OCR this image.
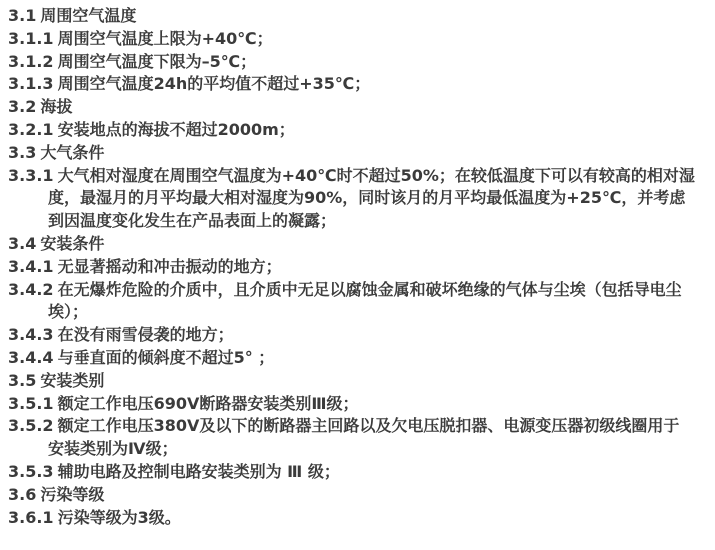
3.1 周围空气温度
3.1.1 周围空气温度上限为+40℃；
3.1.2 周围空气温度下限为–5℃；
3.1.3 周围空气温度24h的平均值不超过+35℃；
3.2 海拔
3.2.1 安装地点的海拔不超过2000m；
3.3 大气条件
3.3.1 大气相对湿度在周围空气温度为+40℃时不超过50%；在较低温度下可以有较高的相对湿度，最湿月的月平均最大相对湿度为90%，同时该月的月平均最低温度为+25℃，并考虑到因温度变化发生在产品表面上的凝露；
3.4 安装条件
3.4.1 无显著摇动和冲击振动的地方；
3.4.2 在无爆炸危险的介质中，且介质中无足以腐蚀金属和破坏绝缘的气体与尘埃（包括导电尘埃）；
3.4.3 在没有雨雪侵袭的地方；
3.4.4 与垂直面的倾斜度不超过5° ；
3.5 安装类别
3.5.1 额定工作电压690V断路器安装类别Ⅲ级；
3.5.2 额定工作电压380V及以下的断路器主回路以及欠电压脱扣器、电源变压器初级线圈用于安装类别为Ⅳ级；
3.5.3 辅助电路及控制电路安装类别为 Ⅲ 级；
3.6 污染等级
3.6.1 污染等级为3级。
